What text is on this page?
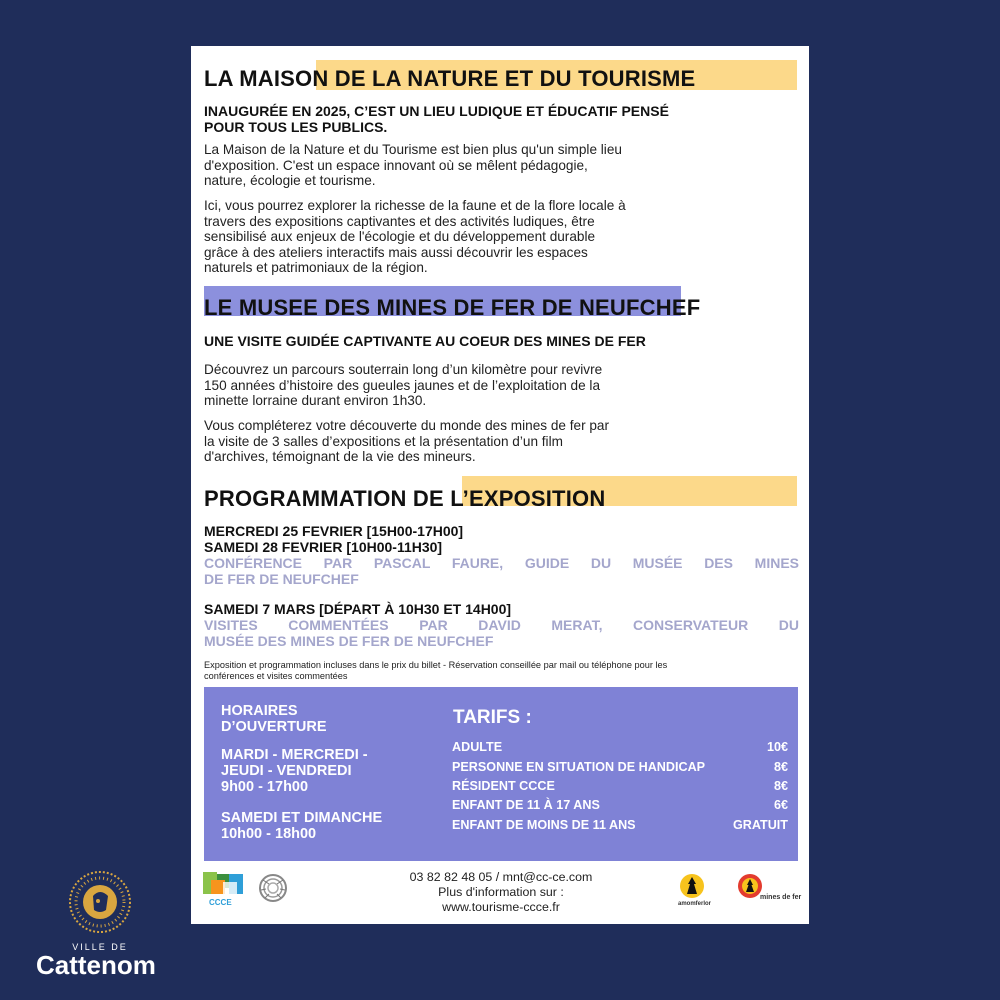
LA MAISON DE LA NATURE ET DU TOURISME
INAUGURÉE EN 2025, C’EST UN LIEU LUDIQUE ET ÉDUCATIF PENSÉ
POUR TOUS LES PUBLICS.
La Maison de la Nature et du Tourisme est bien plus qu'un simple lieu
d'exposition. C'est un espace innovant où se mêlent pédagogie,
nature, écologie et tourisme.
Ici, vous pourrez explorer la richesse de la faune et de la flore locale à
travers des expositions captivantes et des activités ludiques, être
sensibilisé aux enjeux de l'écologie et du développement durable
grâce à des ateliers interactifs mais aussi découvrir les espaces
naturels et patrimoniaux de la région.
LE MUSEE DES MINES DE FER DE NEUFCHEF
UNE VISITE GUIDÉE CAPTIVANTE AU COEUR DES MINES DE FER
Découvrez un parcours souterrain long d’un kilomètre pour revivre
150 années d’histoire des gueules jaunes et de l’exploitation de la
minette lorraine durant environ 1h30.
Vous compléterez votre découverte du monde des mines de fer par
la visite de 3 salles d’expositions et la présentation d’un film
d'archives, témoignant de la vie des mineurs.
PROGRAMMATION DE L’EXPOSITION
MERCREDI 25 FEVRIER [15H00-17H00]
SAMEDI 28 FEVRIER [10H00-11H30]
CONFÉRENCE PAR PASCAL FAURE, GUIDE DU MUSÉE DES MINES
DE FER DE NEUFCHEF
SAMEDI 7 MARS [DÉPART À 10H30 ET 14H00]
VISITES COMMENTÉES PAR DAVID MERAT, CONSERVATEUR DU
MUSÉE DES MINES DE FER DE NEUFCHEF
Exposition et programmation incluses dans le prix du billet - Réservation conseillée par mail ou téléphone pour les
conférences et visites commentées
HORAIRES
D’OUVERTURE
MARDI - MERCREDI -
JEUDI - VENDREDI
9h00 - 17h00
SAMEDI ET DIMANCHE
10h00 - 18h00
TARIFS :
ADULTE	10€
PERSONNE EN SITUATION DE HANDICAP	8€
RÉSIDENT CCCE	8€
ENFANT DE 11 À 17 ANS	6€
ENFANT DE MOINS DE 11 ANS	GRATUIT
CCCE
03 82 82 48 05 / mnt@cc-ce.com
Plus d'information sur :
www.tourisme-ccce.fr	amomferlor
mines de fer
VILLE DE
Cattenom
